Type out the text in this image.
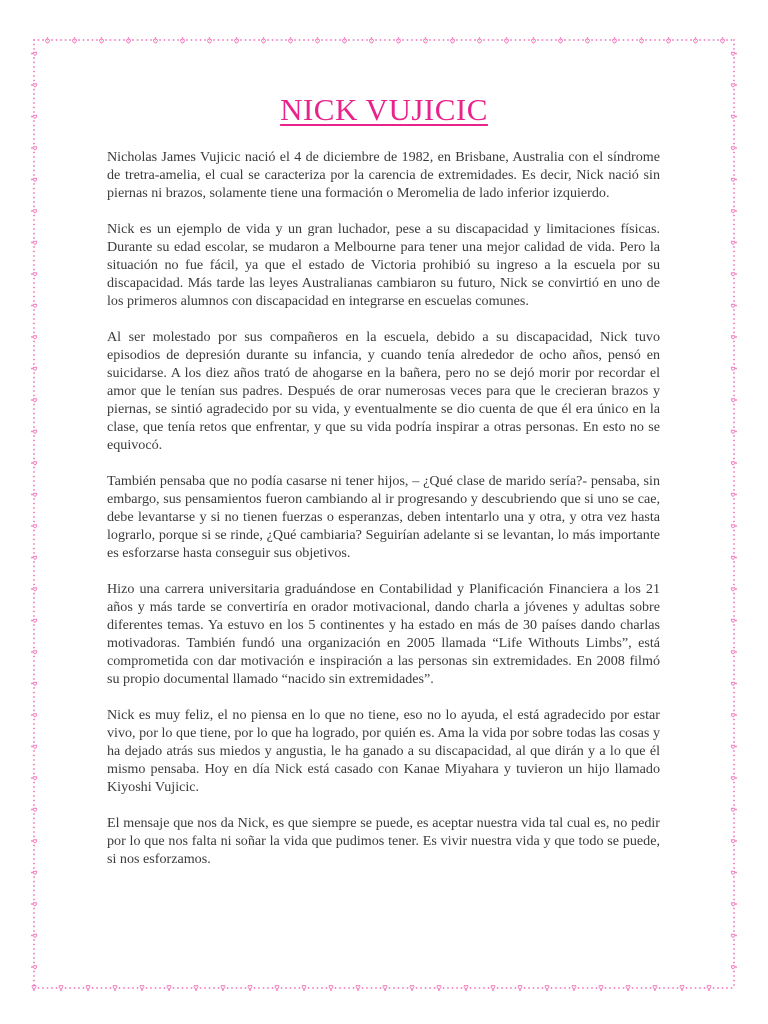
NICK VUJICIC

Nicholas James Vujicic nació el 4 de diciembre de 1982, en Brisbane, Australia con el síndrome de tretra-amelia, el cual se caracteriza por la carencia de extremidades. Es decir, Nick nació sin piernas ni brazos, solamente tiene una formación o Meromelia de lado inferior izquierdo.

Nick es un ejemplo de vida y un gran luchador, pese a su discapacidad y limitaciones físicas. Durante su edad escolar, se mudaron a Melbourne para tener una mejor calidad de vida. Pero la situación no fue fácil, ya que el estado de Victoria prohibió su ingreso a la escuela por su discapacidad. Más tarde las leyes Australianas cambiaron su futuro, Nick se convirtió en uno de los primeros alumnos con discapacidad en integrarse en escuelas comunes.

Al ser molestado por sus compañeros en la escuela, debido a su discapacidad, Nick tuvo episodios de depresión durante su infancia, y cuando tenía alrededor de ocho años, pensó en suicidarse. A los diez años trató de ahogarse en la bañera, pero no se dejó morir por recordar el amor que le tenían sus padres. Después de orar numerosas veces para que le crecieran brazos y piernas, se sintió agradecido por su vida, y eventualmente se dio cuenta de que él era único en la clase, que tenía retos que enfrentar, y que su vida podría inspirar a otras personas. En esto no se equivocó.

También pensaba que no podía casarse ni tener hijos, – ¿Qué clase de marido sería?- pensaba, sin embargo, sus pensamientos fueron cambiando al ir progresando y descubriendo que si uno se cae, debe levantarse y si no tienen fuerzas o esperanzas, deben intentarlo una y otra, y otra vez hasta lograrlo, porque si se rinde, ¿Qué cambiaria? Seguirían adelante si se levantan, lo más importante es esforzarse hasta conseguir sus objetivos.

Hizo una carrera universitaria graduándose en Contabilidad y Planificación Financiera a los 21 años y más tarde se convertiría en orador motivacional, dando charla a jóvenes y adultas sobre diferentes temas. Ya estuvo en los 5 continentes y ha estado en más de 30 países dando charlas motivadoras. También fundó una organización en 2005 llamada “Life Withouts Limbs”, está comprometida con dar motivación e inspiración a las personas sin extremidades. En 2008 filmó su propio documental llamado “nacido sin extremidades”.

Nick es muy feliz, el no piensa en lo que no tiene, eso no lo ayuda, el está agradecido por estar vivo, por lo que tiene, por lo que ha logrado, por quién es. Ama la vida por sobre todas las cosas y ha dejado atrás sus miedos y angustia, le ha ganado a su discapacidad, al que dirán y a lo que él mismo pensaba. Hoy en día Nick está casado con Kanae Miyahara y tuvieron un hijo llamado Kiyoshi Vujicic.

El mensaje que nos da Nick, es que siempre se puede, es aceptar nuestra vida tal cual es, no pedir por lo que nos falta ni soñar la vida que pudimos tener. Es vivir nuestra vida y que todo se puede, si nos esforzamos.
